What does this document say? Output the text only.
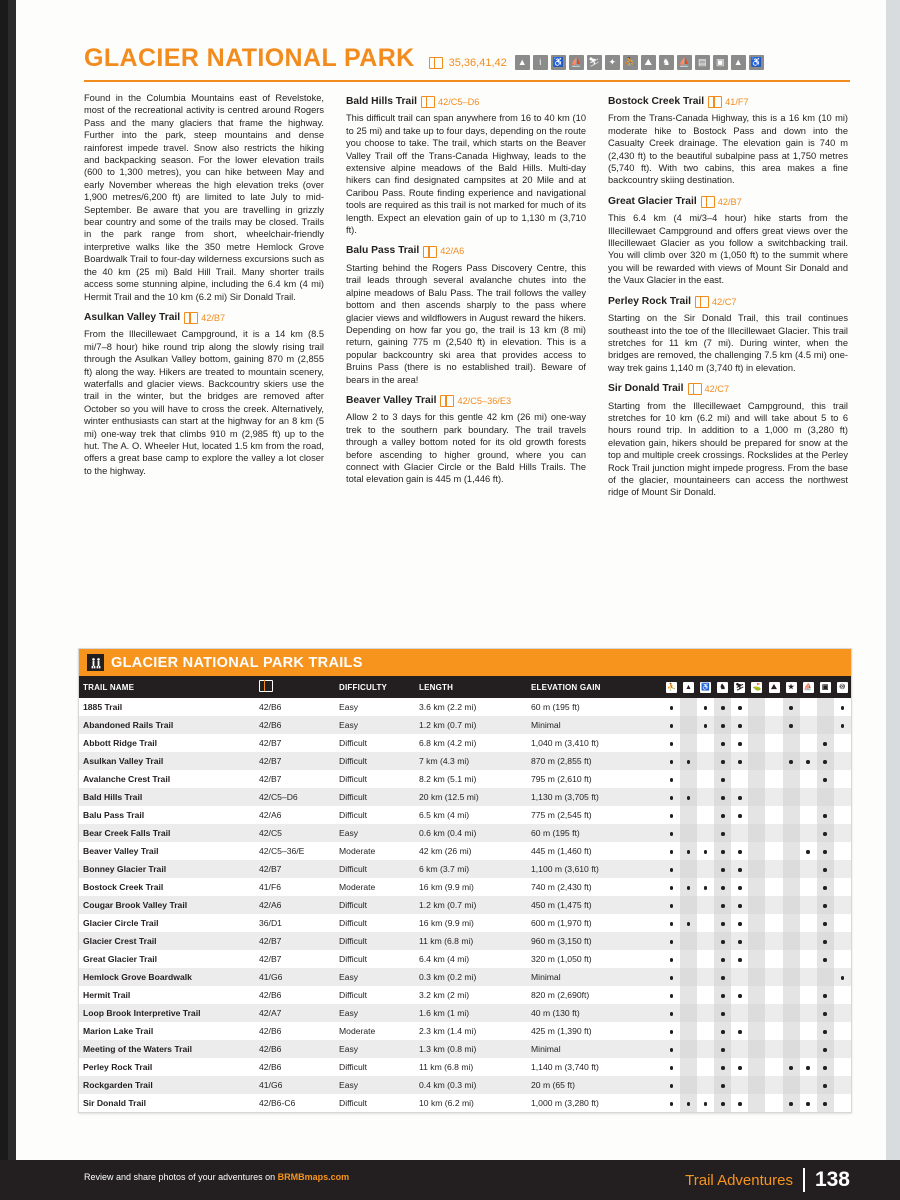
GLACIER NATIONAL PARK	35,36,41,42	▲	i	♿ ⛵ ⛷ ✦ ⛹ ⛰	♞ ⛵ ▤	▣	▲ ♿

Found in the Columbia Mountains east of Revelstoke, most of the recreational activity is centred around Rogers Pass and the many glaciers that frame the highway. Further into the park, steep mountains and dense rainforest impede travel. Snow also restricts the hiking and backpacking season. For the lower elevation trails (600 to 1,300 metres), you can hike between May and early November whereas the high elevation treks (over 1,900 metres/6,200 ft) are limited to late July to mid-September. Be aware that you are travelling in grizzly bear country and some of the trails may be closed. Trails in the park range from short, wheelchair-friendly interpretive walks like the 350 metre Hemlock Grove Boardwalk Trail to four-day wilderness excursions such as the 40 km (25 mi) Bald Hill Trail. Many shorter trails access some stunning alpine, including the 6.4 km (4 mi) Hermit Trail and the 10 km (6.2 mi) Sir Donald Trail.

Asulkan Valley Trail 42/B7

From the Illecillewaet Campground, it is a 14 km (8.5 mi/7–8 hour) hike round trip along the slowly rising trail through the Asulkan Valley bottom, gaining 870 m (2,855 ft) along the way. Hikers are treated to mountain scenery, waterfalls and glacier views. Backcountry skiers use the trail in the winter, but the bridges are removed after October so you will have to cross the creek. Alternatively, winter enthusiasts can start at the highway for an 8 km (5 mi) one-way trek that climbs 910 m (2,985 ft) up to the hut. The A. O. Wheeler Hut, located 1.5 km from the road, offers a great base camp to explore the valley a lot closer to the highway.

Bald Hills Trail 42/C5–D6

This difficult trail can span anywhere from 16 to 40 km (10 to 25 mi) and take up to four days, depending on the route you choose to take. The trail, which starts on the Beaver Valley Trail off the Trans-Canada Highway, leads to the extensive alpine meadows of the Bald Hills. Multi-day hikers can find designated campsites at 20 Mile and at Caribou Pass. Route finding experience and navigational tools are required as this trail is not marked for much of its length. Expect an elevation gain of up to 1,130 m (3,710 ft).

Balu Pass Trail 42/A6

Starting behind the Rogers Pass Discovery Centre, this trail leads through several avalanche chutes into the alpine meadows of Balu Pass. The trail follows the valley bottom and then ascends sharply to the pass where glacier views and wildflowers in August reward the hikers. Depending on how far you go, the trail is 13 km (8 mi) return, gaining 775 m (2,540 ft) in elevation. This is a popular backcountry ski area that provides access to Bruins Pass (there is no established trail). Beware of bears in the area!

Beaver Valley Trail 42/C5–36/E3

Allow 2 to 3 days for this gentle 42 km (26 mi) one-way trek to the southern park boundary. The trail travels through a valley bottom noted for its old growth forests before ascending to higher ground, where you can connect with Glacier Circle or the Bald Hills Trails. The total elevation gain is 445 m (1,446 ft).

Bostock Creek Trail 41/F7

From the Trans-Canada Highway, this is a 16 km (10 mi) moderate hike to Bostock Pass and down into the Casualty Creek drainage. The elevation gain is 740 m (2,430 ft) to the beautiful subalpine pass at 1,750 metres (5,740 ft). With two cabins, this area makes a fine backcountry skiing destination.

Great Glacier Trail 42/B7

This 6.4 km (4 mi/3–4 hour) hike starts from the Illecillewaet Campground and offers great views over the Illecillewaet Glacier as you follow a switchbacking trail. You will climb over 320 m (1,050 ft) to the summit where you will be rewarded with views of Mount Sir Donald and the Vaux Glacier in the east.

Perley Rock Trail 42/C7

Starting on the Sir Donald Trail, this trail continues southeast into the toe of the Illecillewaet Glacier. This trail stretches for 11 km (7 mi). During winter, when the bridges are removed, the challenging 7.5 km (4.5 mi) one-way trek gains 1,140 m (3,740 ft) in elevation.

Sir Donald Trail 42/C7

Starting from the Illecillewaet Campground, this trail stretches for 10 km (6.2 mi) and will take about 5 to 6 hours round trip. In addition to a 1,000 m (3,280 ft) elevation gain, hikers should be prepared for snow at the top and multiple creek crossings. Rockslides at the Perley Rock Trail junction might impede progress. From the base of the glacier, mountaineers can access the northwest ridge of Mount Sir Donald.

GLACIER NATIONAL PARK TRAILS
TRAIL NAME		DIFFICULTY	LENGTH	ELEVATION GAIN	⛹	▲	♿	♞	⛷	⛳	⛰	★	⛵	▣	♾
1885 Trail	42/B6	Easy	3.6 km (2.2 mi)	60 m (195 ft)											
Abandoned Rails Trail	42/B6	Easy	1.2 km (0.7 mi)	Minimal											
Abbott Ridge Trail	42/B7	Difficult	6.8 km (4.2 mi)	1,040 m (3,410 ft)											
Asulkan Valley Trail	42/B7	Difficult	7 km (4.3 mi)	870 m (2,855 ft)											
Avalanche Crest Trail	42/B7	Difficult	8.2 km (5.1 mi)	795 m (2,610 ft)											
Bald Hills Trail	42/C5–D6	Difficult	20 km (12.5 mi)	1,130 m (3,705 ft)											
Balu Pass Trail	42/A6	Difficult	6.5 km (4 mi)	775 m (2,545 ft)											
Bear Creek Falls Trail	42/C5	Easy	0.6 km (0.4 mi)	60 m (195 ft)											
Beaver Valley Trail	42/C5–36/E	Moderate	42 km (26 mi)	445 m (1,460 ft)											
Bonney Glacier Trail	42/B7	Difficult	6 km (3.7 mi)	1,100 m (3,610 ft)											
Bostock Creek Trail	41/F6	Moderate	16 km (9.9 mi)	740 m (2,430 ft)											
Cougar Brook Valley Trail	42/A6	Difficult	1.2 km (0.7 mi)	450 m (1,475 ft)											
Glacier Circle Trail	36/D1	Difficult	16 km (9.9 mi)	600 m (1,970 ft)											
Glacier Crest Trail	42/B7	Difficult	11 km (6.8 mi)	960 m (3,150 ft)											
Great Glacier Trail	42/B7	Difficult	6.4 km (4 mi)	320 m (1,050 ft)											
Hemlock Grove Boardwalk	41/G6	Easy	0.3 km (0.2 mi)	Minimal											
Hermit Trail	42/B6	Difficult	3.2 km (2 mi)	820 m (2,690ft)											
Loop Brook Interpretive Trail	42/A7	Easy	1.6 km (1 mi)	40 m (130 ft)											
Marion Lake Trail	42/B6	Moderate	2.3 km (1.4 mi)	425 m (1,390 ft)											
Meeting of the Waters Trail	42/B6	Easy	1.3 km (0.8 mi)	Minimal											
Perley Rock Trail	42/B6	Difficult	11 km (6.8 mi)	1,140 m (3,740 ft)											
Rockgarden Trail	41/G6	Easy	0.4 km (0.3 mi)	20 m (65 ft)											
Sir Donald Trail	42/B6-C6	Difficult	10 km (6.2 mi)	1,000 m (3,280 ft)											
Review and share photos of your adventures on BRMBmaps.com	Trail Adventures 138
